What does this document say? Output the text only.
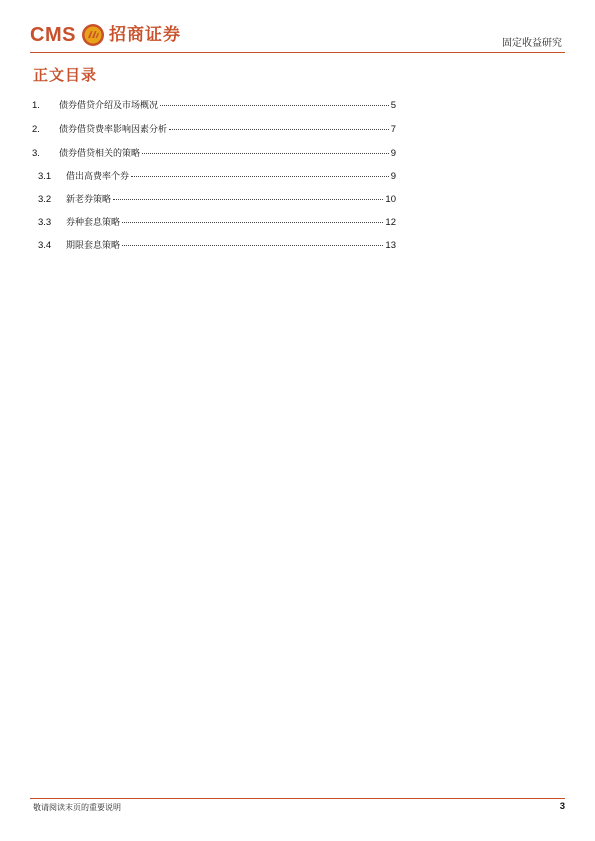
CMS 招商证券	固定收益研究
正文目录
1.	债券借贷介绍及市场概况	5
2.	债券借贷费率影响因素分析	7
3.	债券借贷相关的策略	9
3.1	借出高费率个券	9
3.2	新老券策略	10
3.3	券种套息策略	12
3.4	期限套息策略	13
敬请阅读末页的重要说明	3
